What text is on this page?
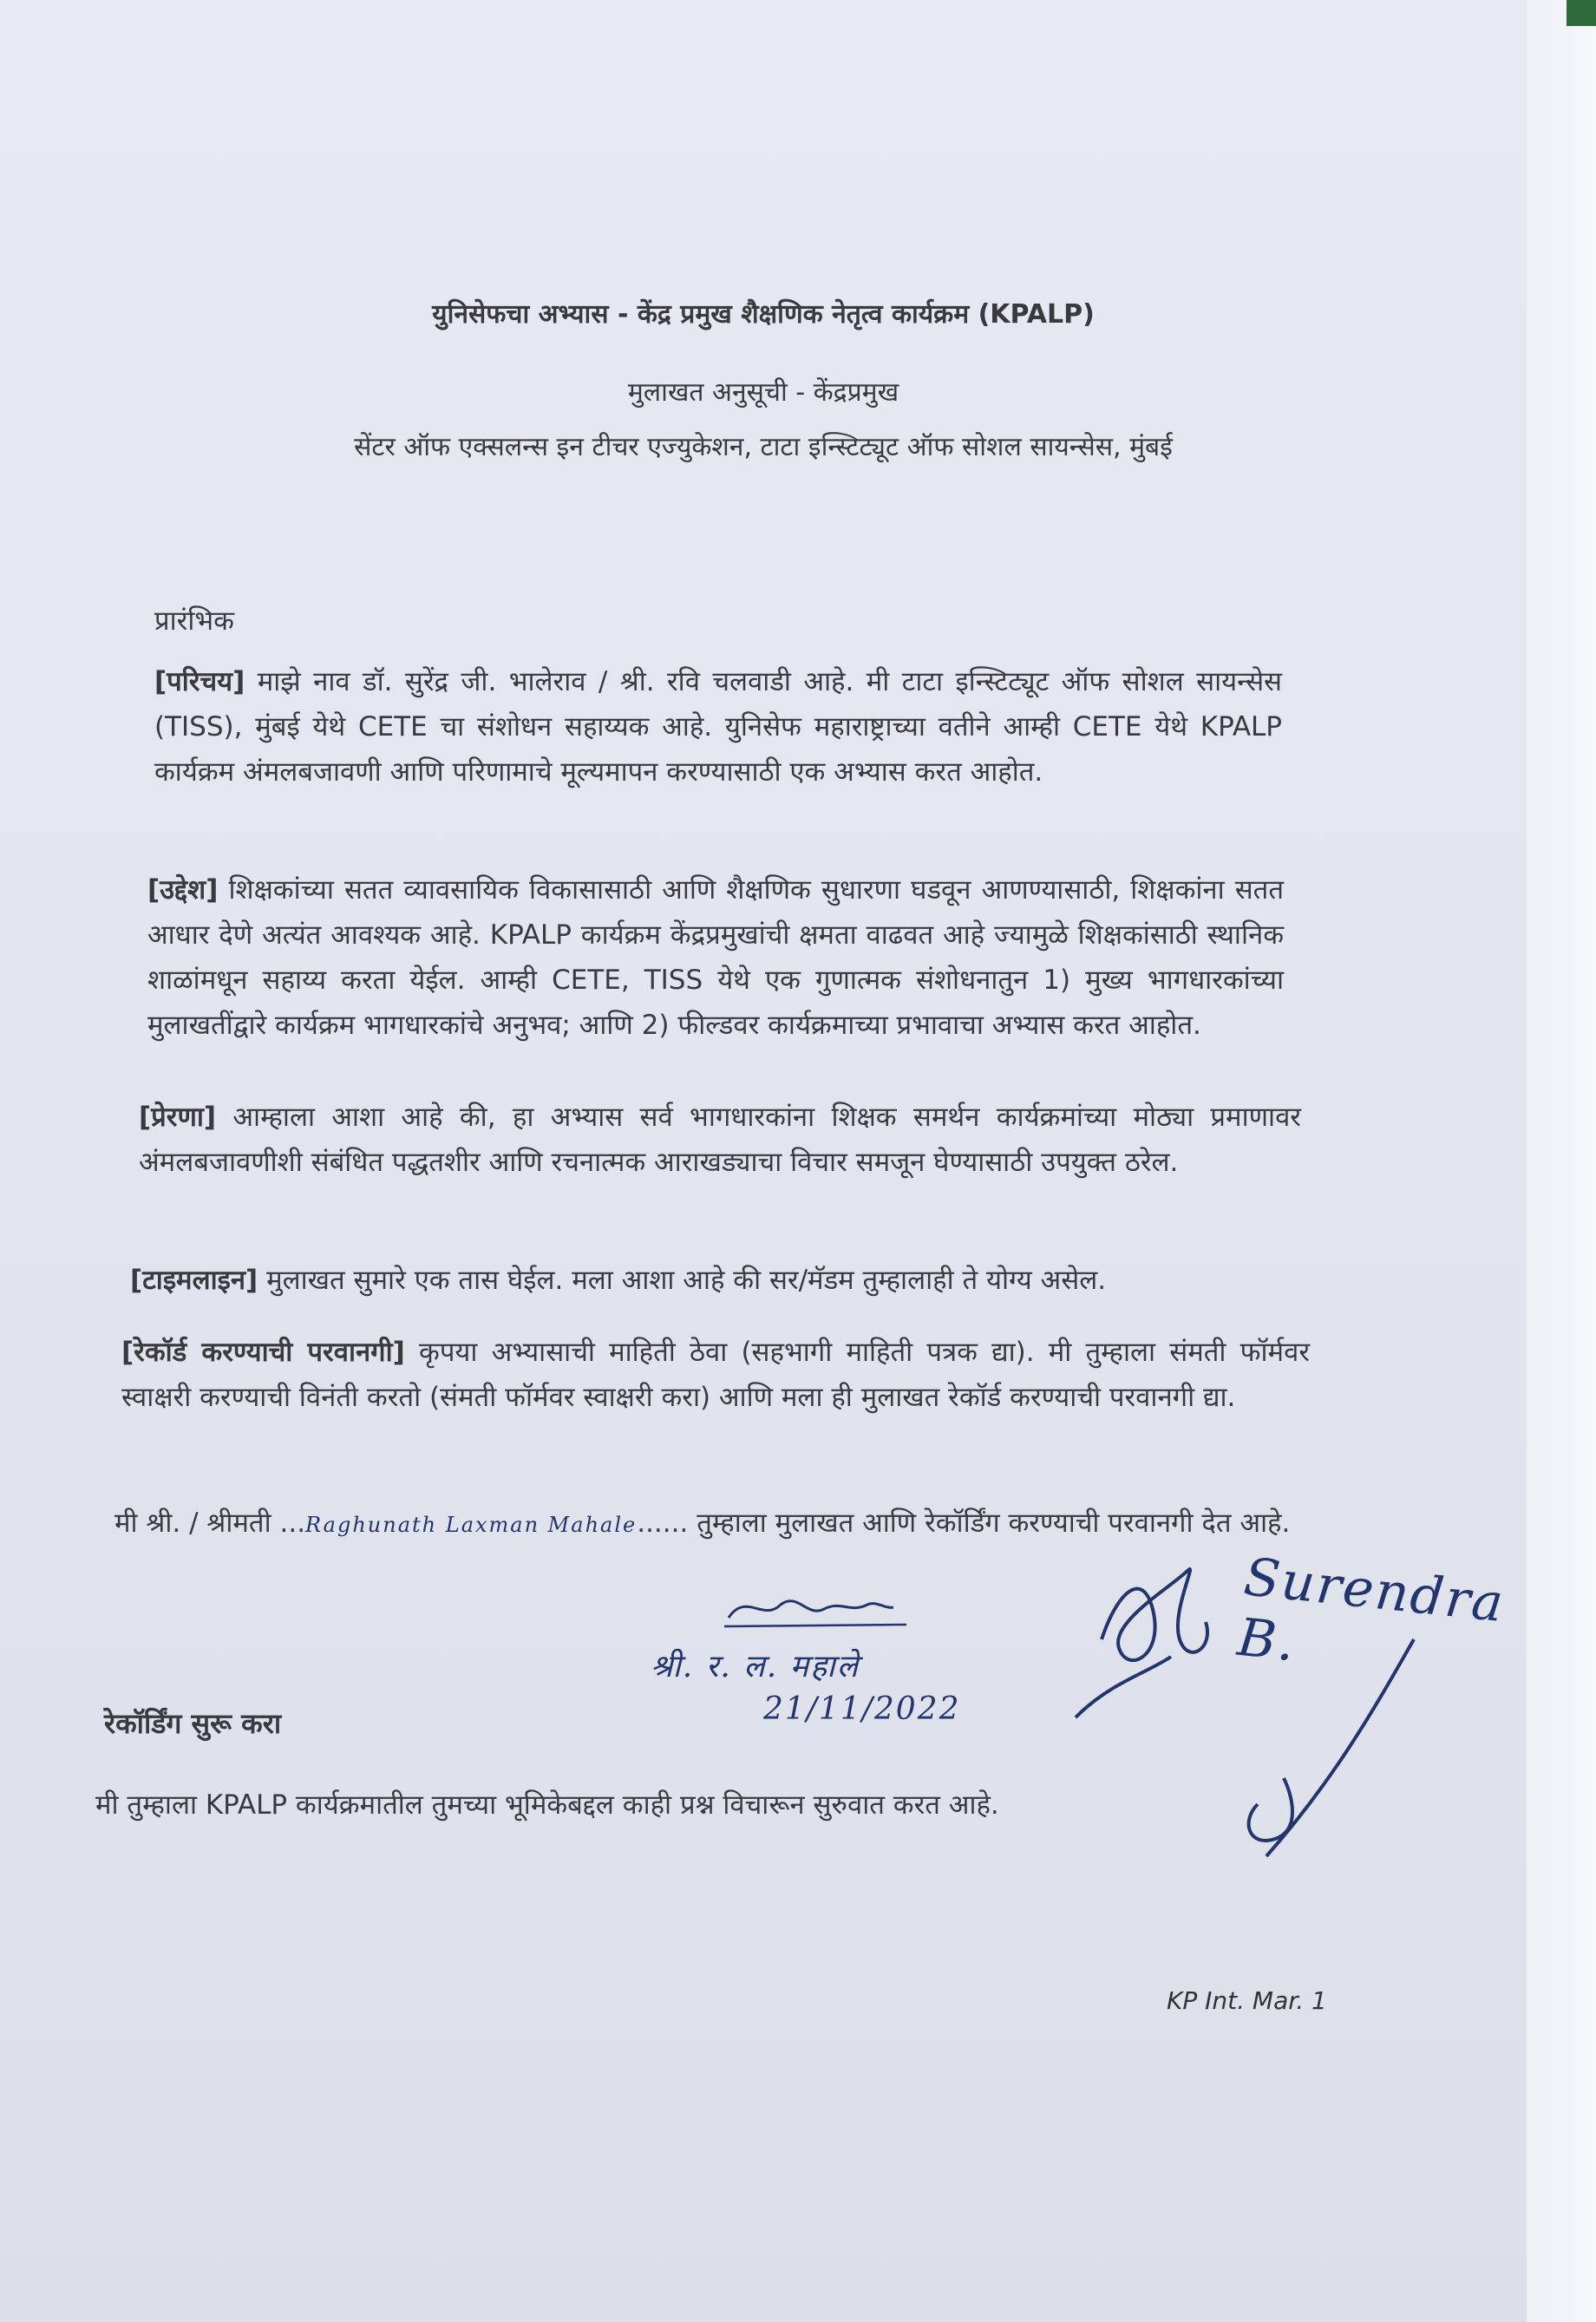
युनिसेफचा अभ्यास - केंद्र प्रमुख शैक्षणिक नेतृत्व कार्यक्रम (KPALP)
मुलाखत अनुसूची - केंद्रप्रमुख
सेंटर ऑफ एक्सलन्स इन टीचर एज्युकेशन, टाटा इन्स्टिट्यूट ऑफ सोशल सायन्सेस, मुंबई
प्रारंभिक
[परिचय] माझे नाव डॉ. सुरेंद्र जी. भालेराव / श्री. रवि चलवाडी आहे. मी टाटा इन्स्टिट्यूट ऑफ सोशल सायन्सेस (TISS), मुंबई येथे CETE चा संशोधन सहाय्यक आहे. युनिसेफ महाराष्ट्राच्या वतीने आम्ही CETE येथे KPALP कार्यक्रम अंमलबजावणी आणि परिणामाचे मूल्यमापन करण्यासाठी एक अभ्यास करत आहोत.
[उद्देश] शिक्षकांच्या सतत व्यावसायिक विकासासाठी आणि शैक्षणिक सुधारणा घडवून आणण्यासाठी, शिक्षकांना सतत आधार देणे अत्यंत आवश्यक आहे. KPALP कार्यक्रम केंद्रप्रमुखांची क्षमता वाढवत आहे ज्यामुळे शिक्षकांसाठी स्थानिक शाळांमधून सहाय्य करता येईल. आम्ही CETE, TISS येथे एक गुणात्मक संशोधनातुन 1) मुख्य भागधारकांच्या मुलाखतींद्वारे कार्यक्रम भागधारकांचे अनुभव; आणि 2) फील्डवर कार्यक्रमाच्या प्रभावाचा अभ्यास करत आहोत.
[प्रेरणा] आम्हाला आशा आहे की, हा अभ्यास सर्व भागधारकांना शिक्षक समर्थन कार्यक्रमांच्या मोठ्या प्रमाणावर अंमलबजावणीशी संबंधित पद्धतशीर आणि रचनात्मक आराखड्याचा विचार समजून घेण्यासाठी उपयुक्त ठरेल.
[टाइमलाइन] मुलाखत सुमारे एक तास घेईल. मला आशा आहे की सर/मॅडम तुम्हालाही ते योग्य असेल.
[रेकॉर्ड करण्याची परवानगी] कृपया अभ्यासाची माहिती ठेवा (सहभागी माहिती पत्रक द्या). मी तुम्हाला संमती फॉर्मवर स्वाक्षरी करण्याची विनंती करतो (संमती फॉर्मवर स्वाक्षरी करा) आणि मला ही मुलाखत रेकॉर्ड करण्याची परवानगी द्या.
मी श्री. / श्रीमती ...Raghunath Laxman Mahale...... तुम्हाला मुलाखत आणि रेकॉर्डिंग करण्याची परवानगी देत आहे.
श्री. र. ल. महाले
21/11/2022
Surendra B.
रेकॉर्डिंग सुरू करा
मी तुम्हाला KPALP कार्यक्रमातील तुमच्या भूमिकेबद्दल काही प्रश्न विचारून सुरुवात करत आहे.
KP Int. Mar. 1
